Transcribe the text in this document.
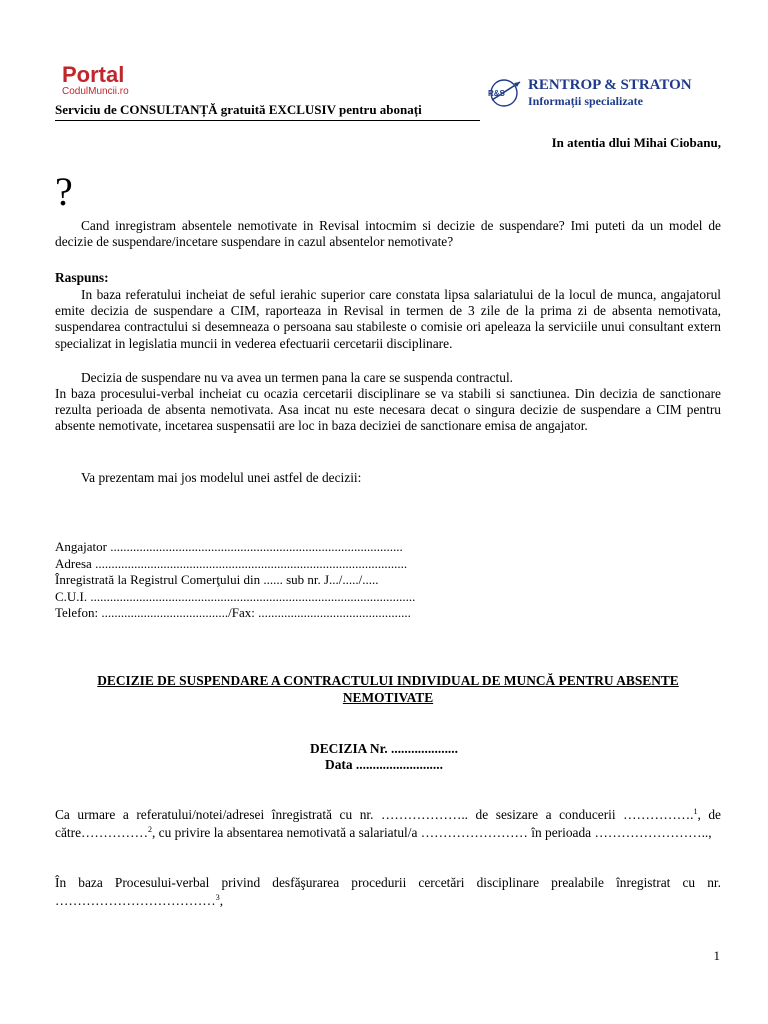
Portal
CodulMuncii.ro
Serviciu de CONSULTANȚĂ gratuită EXCLUSIV pentru abonați
R&S
RENTROP & STRATON
Informații specializate
In atentia dlui Mihai Ciobanu,
?
Cand inregistram absentele nemotivate in Revisal intocmim si decizie de suspendare? Imi puteti da un model de decizie de suspendare/incetare suspendare in cazul absentelor nemotivate?
Raspuns:
In baza referatului incheiat de seful ierahic superior care constata lipsa salariatului de la locul de munca, angajatorul emite decizia de suspendare a CIM, raporteaza in Revisal in termen de 3 zile de la prima zi de absenta nemotivata, suspendarea contractului si desemneaza o persoana sau stabileste o comisie ori apeleaza la serviciile unui consultant extern specializat in legislatia muncii in vederea efectuarii cercetarii disciplinare.
Decizia de suspendare nu va avea un termen pana la care se suspenda contractul.
In baza procesului-verbal incheiat cu ocazia cercetarii disciplinare se va stabili si sanctiunea. Din decizia de sanctionare rezulta perioada de absenta nemotivata. Asa incat nu este necesara decat o singura decizie de suspendare a CIM pentru absente nemotivate, incetarea suspensatii are loc in baza deciziei de sanctionare emisa de angajator.
Va prezentam mai jos modelul unei astfel de decizii:
Angajator ..........................................................................................
Adresa ................................................................................................
Înregistrată la Registrul Comerţului din ...... sub nr. J.../...../.....
C.U.I. ....................................................................................................
Telefon: ......................................./Fax: ...............................................
DECIZIE DE SUSPENDARE A CONTRACTULUI INDIVIDUAL DE MUNCĂ PENTRU ABSENTE NEMOTIVATE
DECIZIA Nr. ....................
Data ..........................
Ca urmare a referatului/notei/adresei înregistrată cu nr. ……………….. de sesizare a conducerii …………….$^1$, de către……………$^2$, cu privire la absentarea nemotivată a salariatul/a …………………… în perioada ……………………..,
În baza Procesului-verbal privind desfăşurarea procedurii cercetări disciplinare prealabile înregistrat cu nr. ………………………………$^3$,
1
